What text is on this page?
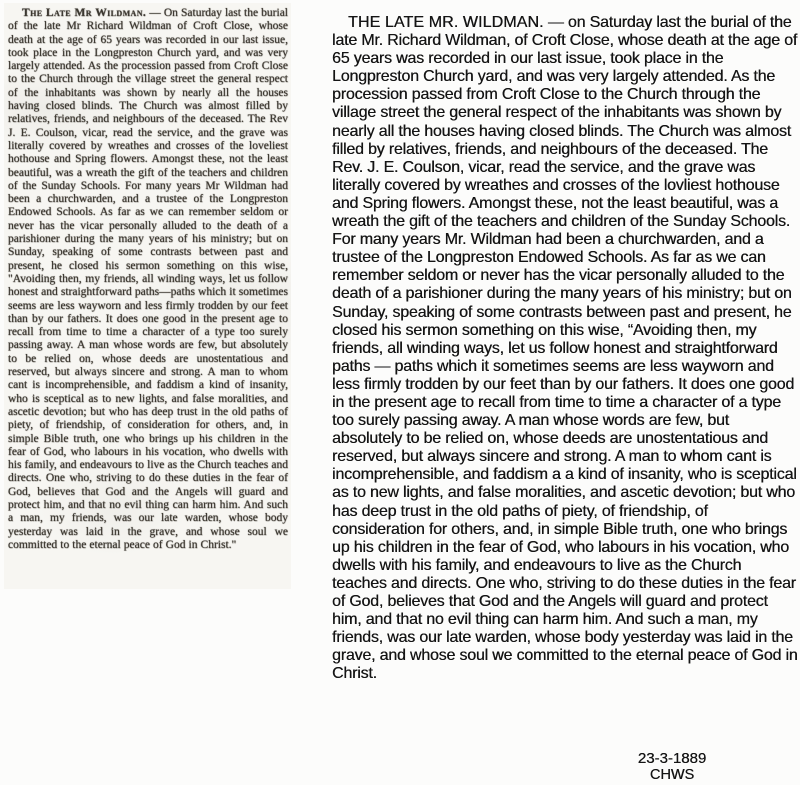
The Late Mr Wildman. — On Saturday last the burial of the late Mr Richard Wildman of Croft Close, whose death at the age of 65 years was recorded in our last issue, took place in the Longpreston Church yard, and was very largely attended. As the procession passed from Croft Close to the Church through the village street the general respect of the inhabitants was shown by nearly all the houses having closed blinds. The Church was almost filled by relatives, friends, and neighbours of the deceased. The Rev J. E. Coulson, vicar, read the service, and the grave was literally covered by wreathes and crosses of the loveliest hothouse and Spring flowers. Amongst these, not the least beautiful, was a wreath the gift of the teachers and children of the Sunday Schools. For many years Mr Wildman had been a churchwarden, and a trustee of the Longpreston Endowed Schools. As far as we can remember seldom or never has the vicar personally alluded to the death of a parishioner during the many years of his ministry; but on Sunday, speaking of some contrasts between past and present, he closed his sermon something on this wise, "Avoiding then, my friends, all winding ways, let us follow honest and straightforward paths—paths which it sometimes seems are less wayworn and less firmly trodden by our feet than by our fathers. It does one good in the present age to recall from time to time a character of a type too surely passing away. A man whose words are few, but absolutely to be relied on, whose deeds are unostentatious and reserved, but always sincere and strong. A man to whom cant is incomprehensible, and faddism a kind of insanity, who is sceptical as to new lights, and false moralities, and ascetic devotion; but who has deep trust in the old paths of piety, of friendship, of consideration for others, and, in simple Bible truth, one who brings up his children in the fear of God, who labours in his vocation, who dwells with his family, and endeavours to live as the Church teaches and directs. One who, striving to do these duties in the fear of God, believes that God and the Angels will guard and protect him, and that no evil thing can harm him. And such a man, my friends, was our late warden, whose body yesterday was laid in the grave, and whose soul we committed to the eternal peace of God in Christ."

THE LATE MR. WILDMAN. — on Saturday last the burial of the late Mr. Richard Wildman, of Croft Close, whose death at the age of 65 years was recorded in our last issue, took place in the Longpreston Church yard, and was very largely attended. As the procession passed from Croft Close to the Church through the village street the general respect of the inhabitants was shown by nearly all the houses having closed blinds. The Church was almost filled by relatives, friends, and neighbours of the deceased. The Rev. J. E. Coulson, vicar, read the service, and the grave was literally covered by wreathes and crosses of the lovliest hothouse and Spring flowers. Amongst these, not the least beautiful, was a wreath the gift of the teachers and children of the Sunday Schools. For many years Mr. Wildman had been a churchwarden, and a trustee of the Longpreston Endowed Schools. As far as we can remember seldom or never has the vicar personally alluded to the death of a parishioner during the many years of his ministry; but on Sunday, speaking of some contrasts between past and present, he closed his sermon something on this wise, “Avoiding then, my friends, all winding ways, let us follow honest and straightforward paths — paths which it sometimes seems are less wayworn and less firmly trodden by our feet than by our fathers. It does one good in the present age to recall from time to time a character of a type too surely passing away. A man whose words are few, but absolutely to be relied on, whose deeds are unostentatious and reserved, but always sincere and strong. A man to whom cant is incomprehensible, and faddism a a kind of insanity, who is sceptical as to new lights, and false moralities, and ascetic devotion; but who has deep trust in the old paths of piety, of friendship, of consideration for others, and, in simple Bible truth, one who brings up his children in the fear of God, who labours in his vocation, who dwells with his family, and endeavours to live as the Church teaches and directs. One who, striving to do these duties in the fear of God, believes that God and the Angels will guard and protect him, and that no evil thing can harm him. And such a man, my friends, was our late warden, whose body yesterday was laid in the grave, and whose soul we committed to the eternal peace of God in Christ.

23-3-1889
CHWS
